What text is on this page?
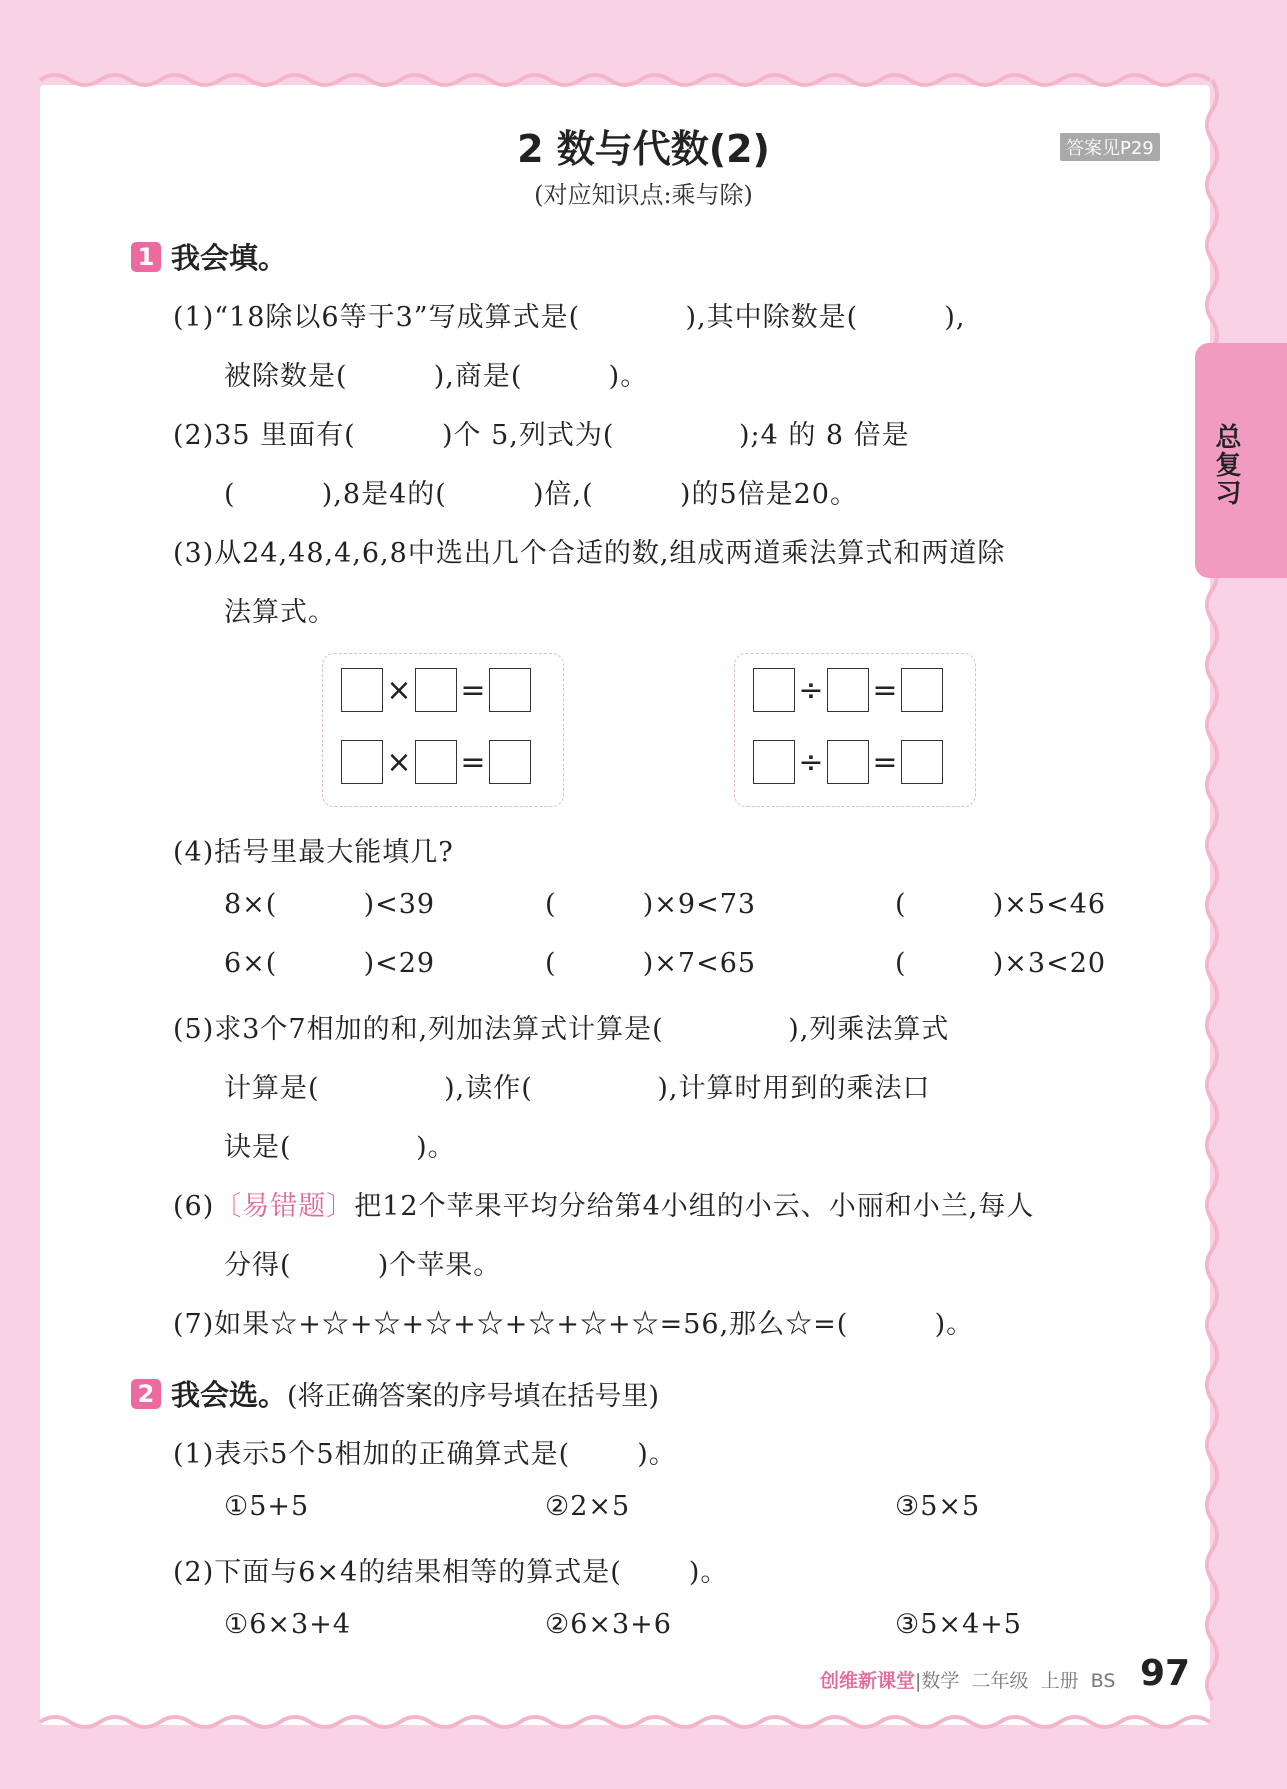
2 数与代数(2)
(对应知识点:乘与除)
答案见P29
总复习
1 我会填。
(1)“18除以6等于3”写成算式是(           ),其中除数是(         ),
被除数是(         ),商是(         )。
(2)35 里面有(         )个 5,列式为(             );4 的 8 倍是
(         ),8是4的(         )倍,(         )的5倍是20。
(3)从24,48,4,6,8中选出几个合适的数,组成两道乘法算式和两道除
法算式。
× =
× =
÷ =
÷ =
(4)括号里最大能填几?
8×(         )<39	(         )×9<73	(         )×5<46
6×(         )<29	(         )×7<65	(         )×3<20
(5)求3个7相加的和,列加法算式计算是(             ),列乘法算式
计算是(             ),读作(             ),计算时用到的乘法口
诀是(             )。
(6)〔易错题〕把12个苹果平均分给第4小组的小云、小丽和小兰,每人
分得(         )个苹果。
(7)如果☆+☆+☆+☆+☆+☆+☆+☆=56,那么☆=(         )。
2 我会选。 (将正确答案的序号填在括号里)
(1)表示5个5相加的正确算式是(       )。
①5+5	②2×5	③5×5
(2)下面与6×4的结果相等的算式是(       )。
①6×3+4	②6×3+6	③5×4+5
创维新课堂|数学  二年级  上册  BS 97
